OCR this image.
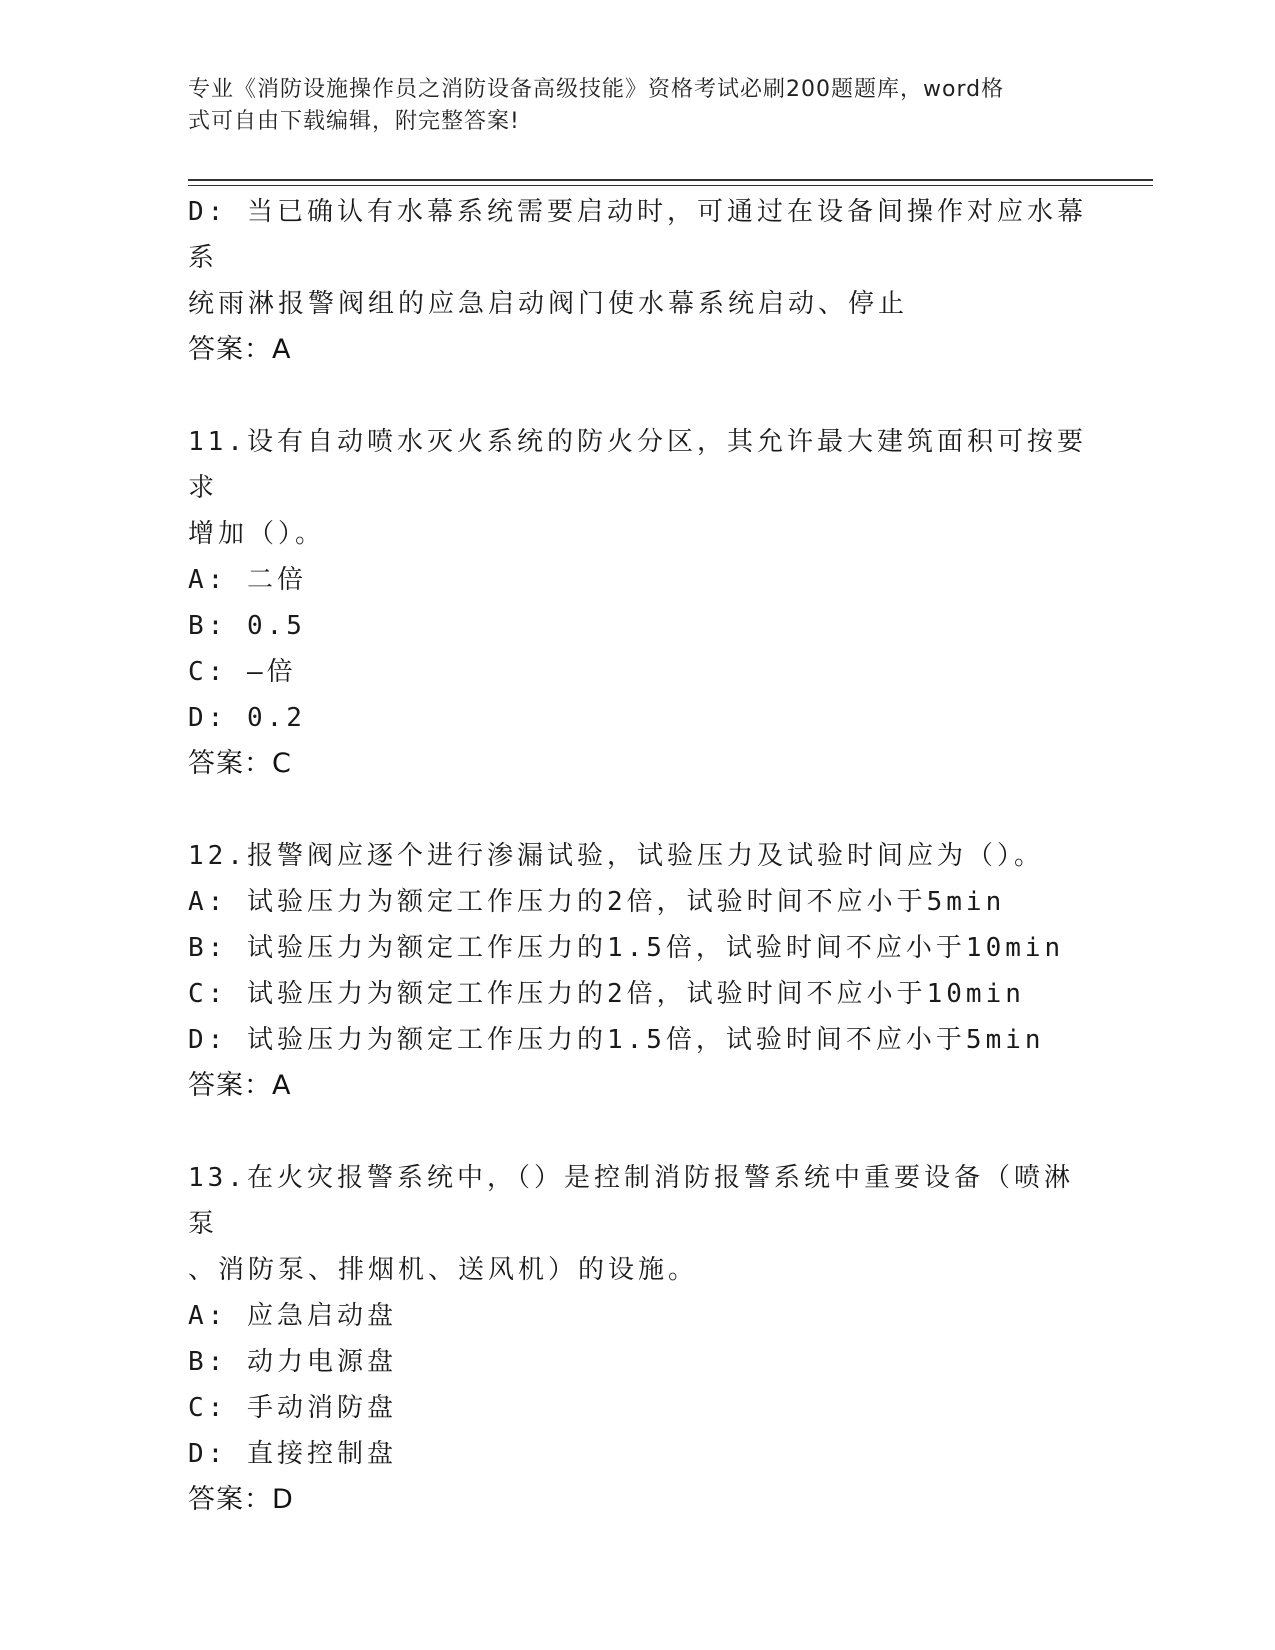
专业《消防设施操作员之消防设备高级技能》资格考试必刷200题题库，word格
式可自由下载编辑，附完整答案!
D: 当已确认有水幕系统需要启动时，可通过在设备间操作对应水幕系
统雨淋报警阀组的应急启动阀门使水幕系统启动、停止
答案：A
11.设有自动喷水灭火系统的防火分区，其允许最大建筑面积可按要求
增加（）。
A: 二倍
B: 0.5
C: —倍
D: 0.2
答案：C
12.报警阀应逐个进行渗漏试验，试验压力及试验时间应为（）。
A: 试验压力为额定工作压力的2倍，试验时间不应小于5min
B: 试验压力为额定工作压力的1.5倍，试验时间不应小于10min
C: 试验压力为额定工作压力的2倍，试验时间不应小于10min
D: 试验压力为额定工作压力的1.5倍，试验时间不应小于5min
答案：A
13.在火灾报警系统中，（）是控制消防报警系统中重要设备（喷淋泵
、消防泵、排烟机、送风机）的设施。
A: 应急启动盘
B: 动力电源盘
C: 手动消防盘
D: 直接控制盘
答案：D
